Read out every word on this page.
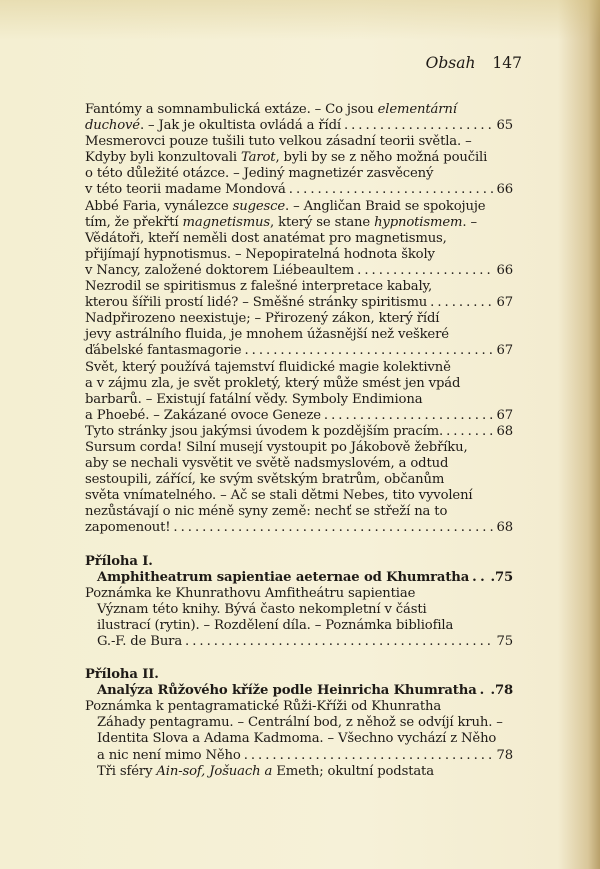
Obsah 147
Fantómy a somnambulická extáze. – Co jsou elementární
duchové. – Jak je okultista ovládá a řídí . . .	65
Mesmerovci pouze tušili tuto velkou zásadní teorii světla. –
Kdyby byli konzultovali Tarot, byli by se z něho možná poučili
o této důležité otázce. – Jediný magnetizér zasvěcený
v této teorii madame Mondová . . .	66
Abbé Faria, vynálezce sugesce. – Angličan Braid se spokojuje
tím, že překřtí magnetismus, který se stane hypnotismem. –
Vědátoři, kteří neměli dost anatémat pro magnetismus,
přijímají hypnotismus. – Nepopiratelná hodnota školy
v Nancy, založené doktorem Liébeaultem . . .	66
Nezrodil se spiritismus z falešné interpretace kabaly,
kterou šířili prostí lidé? – Směšné stránky spiritismu . . .	67
Nadpřirozeno neexistuje; – Přirozený zákon, který řídí
jevy astrálního fluida, je mnohem úžasnější než veškeré
ďábelské fantasmagorie . . .	67
Svět, který používá tajemství fluidické magie kolektivně
a v zájmu zla, je svět prokletý, který může smést jen vpád
barbarů. – Existují fatální vědy. Symboly Endimiona
a Phoebé. – Zakázané ovoce Geneze . . .	67
Tyto stránky jsou jakýmsi úvodem k pozdějším pracím. . . .	68
Sursum corda! Silní musejí vystoupit po Jákobově žebříku,
aby se nechali vysvětit ve světě nadsmyslovém, a odtud
sestoupili, zářící, ke svým světským bratrům, občanům
světa vnímatelného. – Ač se stali dětmi Nebes, tito vyvolení
nezůstávají o nic méně syny země: nechť se střeží na to
zapomenout! . . .	68
Příloha I.
Amphitheatrum sapientiae aeternae od Khumratha . . . .75
Poznámka ke Khunrathovu Amfitheátru sapientiae
Význam této knihy. Bývá často nekompletní v části
ilustrací (rytin). – Rozdělení díla. – Poznámka bibliofila
G.-F. de Bura . . .	75
Příloha II.
Analýza Růžového kříže podle Heinricha Khumratha . . . .78
Poznámka k pentagramatické Růži-Kříži od Khunratha
Záhady pentagramu. – Centrální bod, z něhož se odvíjí kruh. –
Identita Slova a Adama Kadmoma. – Všechno vychází z Něho
a nic není mimo Něho . . .	78
Tři sféry Ain-sof, Jošuach a Emeth; okultní podstata
